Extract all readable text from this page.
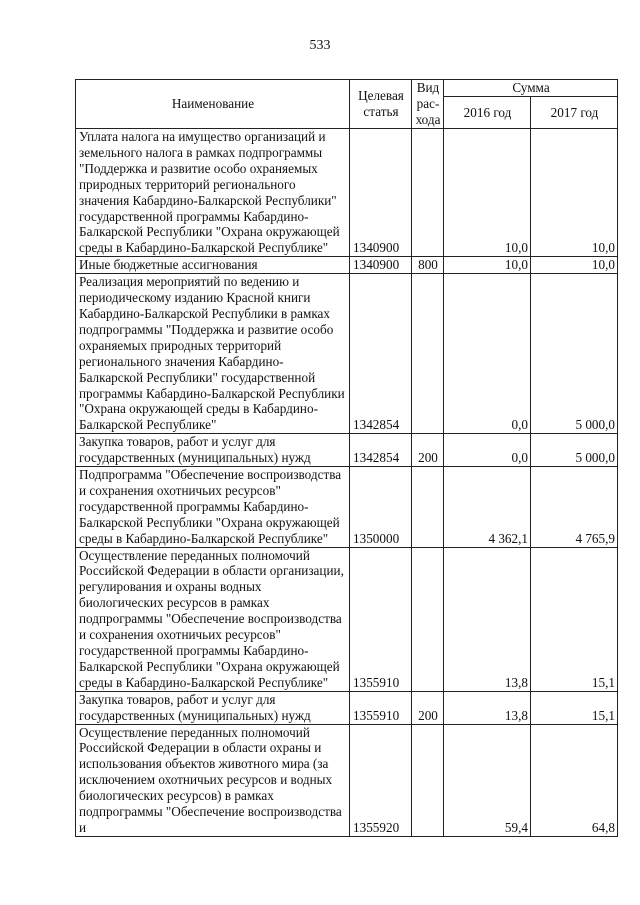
533
Наименование	Целевая статья	Вид рас- хода	Сумма	
			2016 год	2017 год
Уплата налога на имущество организаций и земельного налога в рамках подпрограммы "Поддержка и развитие особо охраняемых природных территорий регионального значения Кабардино-Балкарской Республики" государственной программы Кабардино-Балкарской Республики "Охрана окружающей среды в Кабардино-Балкарской Республике"	1340900		10,0	10,0
Иные бюджетные ассигнования	1340900	800	10,0	10,0
Реализация мероприятий по ведению и периодическому изданию Красной книги Кабардино-Балкарской Республики в рамках подпрограммы "Поддержка и развитие особо охраняемых природных территорий регионального значения Кабардино-Балкарской Республики" государственной программы Кабардино-Балкарской Республики "Охрана окружающей среды в Кабардино-Балкарской Республике"	1342854		0,0	5 000,0
Закупка товаров, работ и услуг для государственных (муниципальных) нужд	1342854	200	0,0	5 000,0
Подпрограмма "Обеспечение воспроизводства и сохранения охотничьих ресурсов" государственной программы Кабардино-Балкарской Республики "Охрана окружающей среды в Кабардино-Балкарской Республике"	1350000		4 362,1	4 765,9
Осуществление переданных полномочий Российской Федерации в области организации, регулирования и охраны водных биологических ресурсов в рамках подпрограммы "Обеспечение воспроизводства и сохранения охотничьих ресурсов" государственной программы Кабардино-Балкарской Республики "Охрана окружающей среды в Кабардино-Балкарской Республике"	1355910		13,8	15,1
Закупка товаров, работ и услуг для государственных (муниципальных) нужд	1355910	200	13,8	15,1
Осуществление переданных полномочий Российской Федерации в области охраны и использования объектов животного мира (за исключением охотничьих ресурсов и водных биологических ресурсов) в рамках подпрограммы "Обеспечение воспроизводства и	1355920		59,4	64,8
